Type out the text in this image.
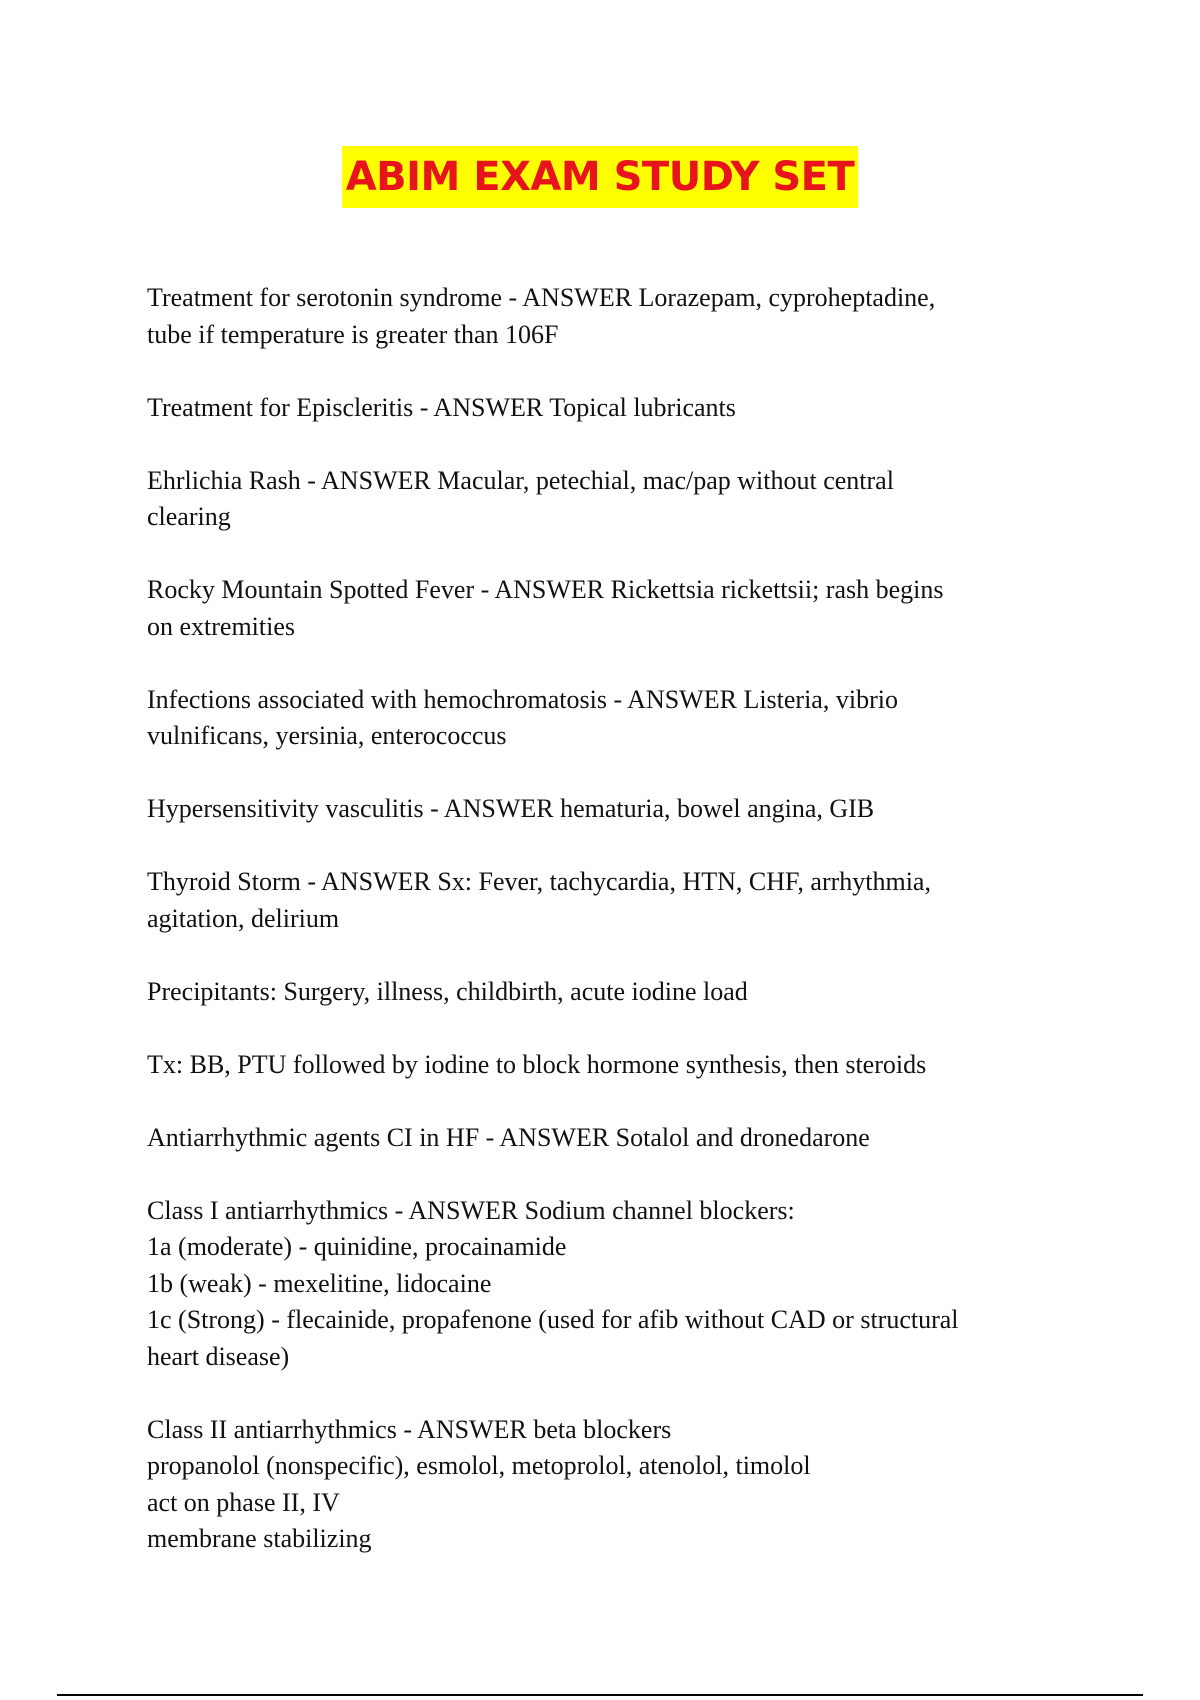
ABIM EXAM STUDY SET
Treatment for serotonin syndrome - ANSWER Lorazepam, cyproheptadine,
tube if temperature is greater than 106F
Treatment for Episcleritis - ANSWER Topical lubricants
Ehrlichia Rash - ANSWER Macular, petechial, mac/pap without central
clearing
Rocky Mountain Spotted Fever - ANSWER Rickettsia rickettsii; rash begins
on extremities
Infections associated with hemochromatosis - ANSWER Listeria, vibrio
vulnificans, yersinia, enterococcus
Hypersensitivity vasculitis - ANSWER hematuria, bowel angina, GIB
Thyroid Storm - ANSWER Sx: Fever, tachycardia, HTN, CHF, arrhythmia,
agitation, delirium
Precipitants: Surgery, illness, childbirth, acute iodine load
Tx: BB, PTU followed by iodine to block hormone synthesis, then steroids
Antiarrhythmic agents CI in HF - ANSWER Sotalol and dronedarone
Class I antiarrhythmics - ANSWER Sodium channel blockers:
1a (moderate) - quinidine, procainamide
1b (weak) - mexelitine, lidocaine
1c (Strong) - flecainide, propafenone (used for afib without CAD or structural
heart disease)
Class II antiarrhythmics - ANSWER beta blockers
propanolol (nonspecific), esmolol, metoprolol, atenolol, timolol
act on phase II, IV
membrane stabilizing
